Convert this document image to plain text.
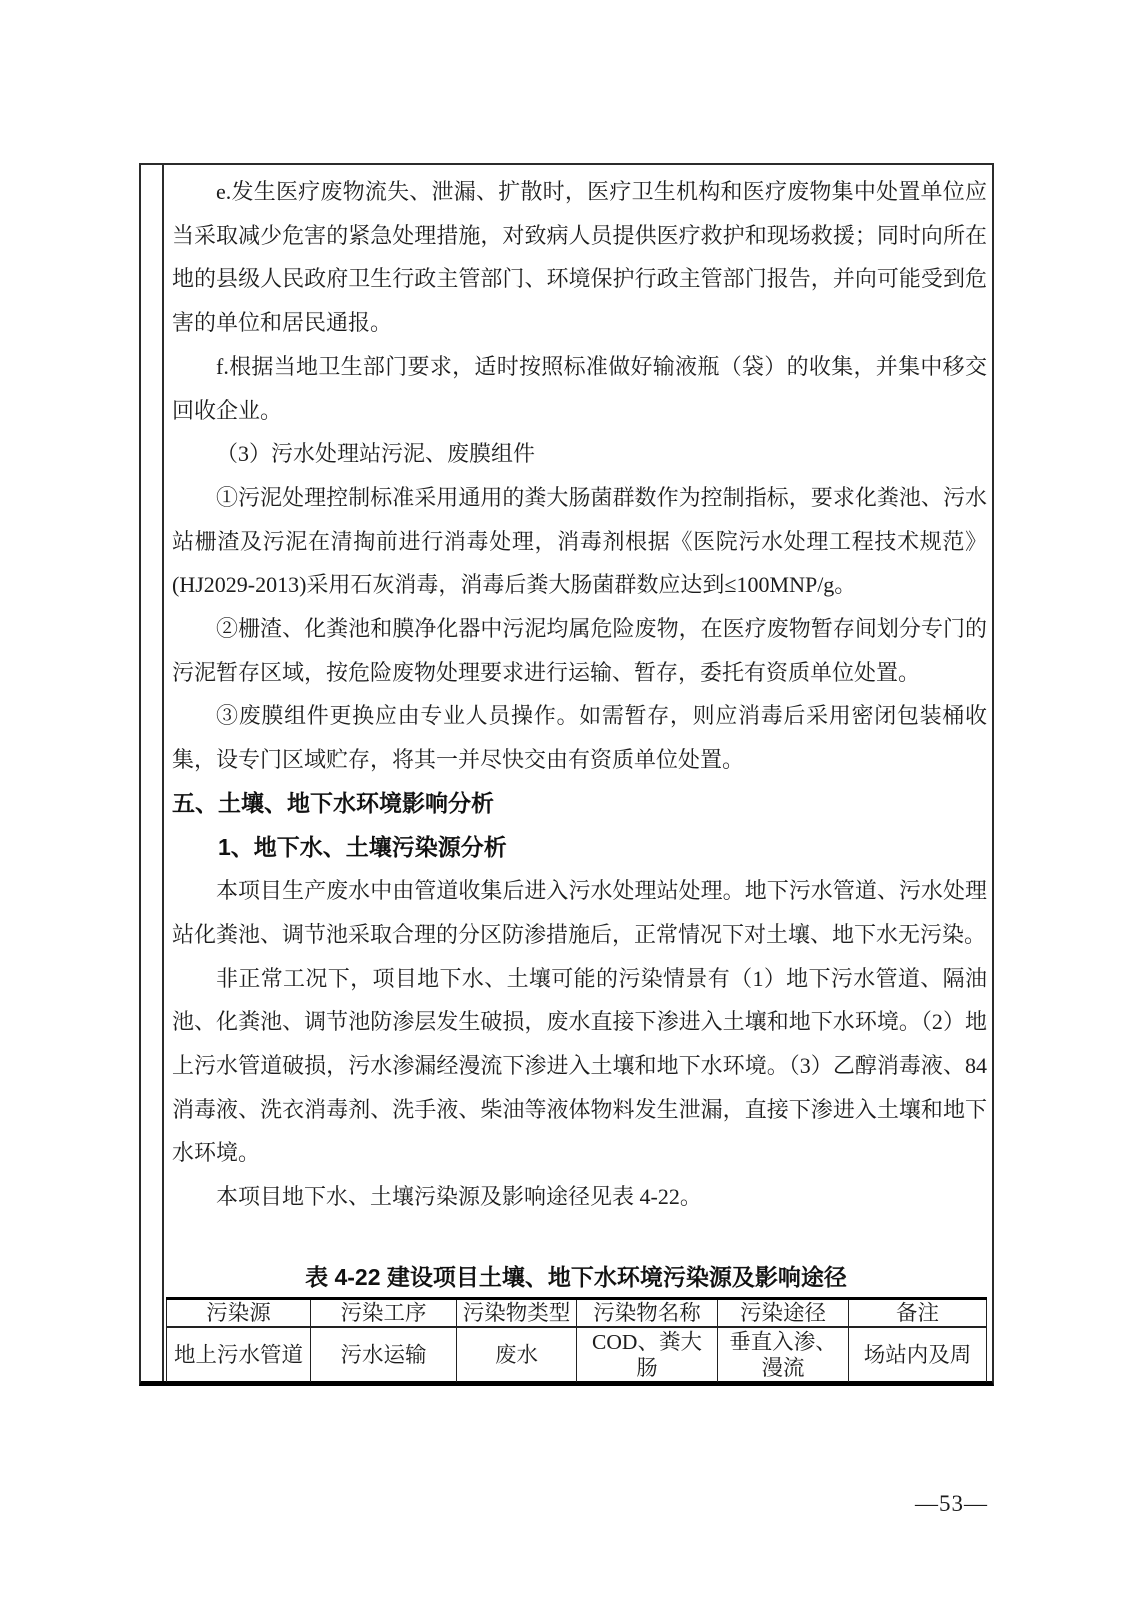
e.发生医疗废物流失、泄漏、扩散时，医疗卫生机构和医疗废物集中处置单位应当采取减少危害的紧急处理措施，对致病人员提供医疗救护和现场救援；同时向所在地的县级人民政府卫生行政主管部门、环境保护行政主管部门报告，并向可能受到危害的单位和居民通报。

f.根据当地卫生部门要求，适时按照标准做好输液瓶（袋）的收集，并集中移交回收企业。

（3）污水处理站污泥、废膜组件

①污泥处理控制标准采用通用的粪大肠菌群数作为控制指标，要求化粪池、污水站栅渣及污泥在清掏前进行消毒处理，消毒剂根据《医院污水处理工程技术规范》(HJ2029-2013)采用石灰消毒，消毒后粪大肠菌群数应达到≤100MNP/g。

②栅渣、化粪池和膜净化器中污泥均属危险废物，在医疗废物暂存间划分专门的污泥暂存区域，按危险废物处理要求进行运输、暂存，委托有资质单位处置。

③废膜组件更换应由专业人员操作。如需暂存，则应消毒后采用密闭包装桶收集，设专门区域贮存，将其一并尽快交由有资质单位处置。

五、土壤、地下水环境影响分析

1、地下水、土壤污染源分析

本项目生产废水中由管道收集后进入污水处理站处理。地下污水管道、污水处理站化粪池、调节池采取合理的分区防渗措施后，正常情况下对土壤、地下水无污染。

非正常工况下，项目地下水、土壤可能的污染情景有（1）地下污水管道、隔油池、化粪池、调节池防渗层发生破损，废水直接下渗进入土壤和地下水环境。（2）地上污水管道破损，污水渗漏经漫流下渗进入土壤和地下水环境。（3）乙醇消毒液、84 消毒液、洗衣消毒剂、洗手液、柴油等液体物料发生泄漏，直接下渗进入土壤和地下水环境。

本项目地下水、土壤污染源及影响途径见表 4-22。

表 4-22 建设项目土壤、地下水环境污染源及影响途径

污染源	污染工序	污染物类型	污染物名称	污染途径	备注
地上污水管道	污水运输	废水	COD、粪大肠	垂直入渗、漫流	场站内及周
—53—
